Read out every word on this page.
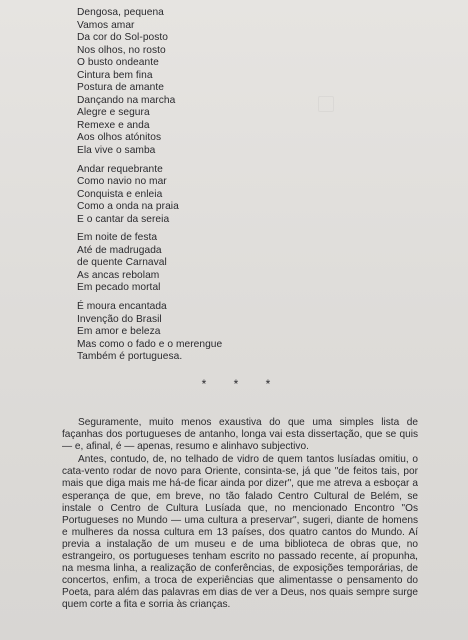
Dengosa, pequena
Vamos amar
Da cor do Sol-posto
Nos olhos, no rosto
O busto ondeante
Cintura bem fina
Postura de amante
Dançando na marcha
Alegre e segura
Remexe e anda
Aos olhos atónitos
Ela vive o samba
Andar requebrante
Como navio no mar
Conquista e enleia
Como a onda na praia
E o cantar da sereia
Em noite de festa
Até de madrugada
de quente Carnaval
As ancas rebolam
Em pecado mortal
É moura encantada
Invenção do Brasil
Em amor e beleza
Mas como o fado e o merengue
Também é portuguesa.
* * *

Seguramente, muito menos exaustiva do que uma simples lista de façanhas dos portugueses de antanho, longa vai esta dissertação, que se quis — e, afinal, é — apenas, resumo e alinhavo subjectivo.

Antes, contudo, de, no telhado de vidro de quem tantos lusíadas omitiu, o cata-vento rodar de novo para Oriente, consinta-se, já que "de feitos tais, por mais que diga mais me há-de ficar ainda por dizer", que me atreva a esboçar a esperança de que, em breve, no tão falado Centro Cultural de Belém, se instale o Centro de Cultura Lusíada que, no mencionado Encontro "Os Portugueses no Mundo — uma cultura a preservar", sugeri, diante de homens e mulheres da nossa cultura em 13 países, dos quatro cantos do Mundo. Aí previa a instalação de um museu e de uma biblioteca de obras que, no estrangeiro, os portugueses tenham escrito no passado recente, aí propunha, na mesma linha, a realização de conferências, de exposições temporárias, de concertos, enfim, a troca de experiências que alimentasse o pensamento do Poeta, para além das palavras em dias de ver a Deus, nos quais sempre surge quem corte a fita e sorria às crianças.
